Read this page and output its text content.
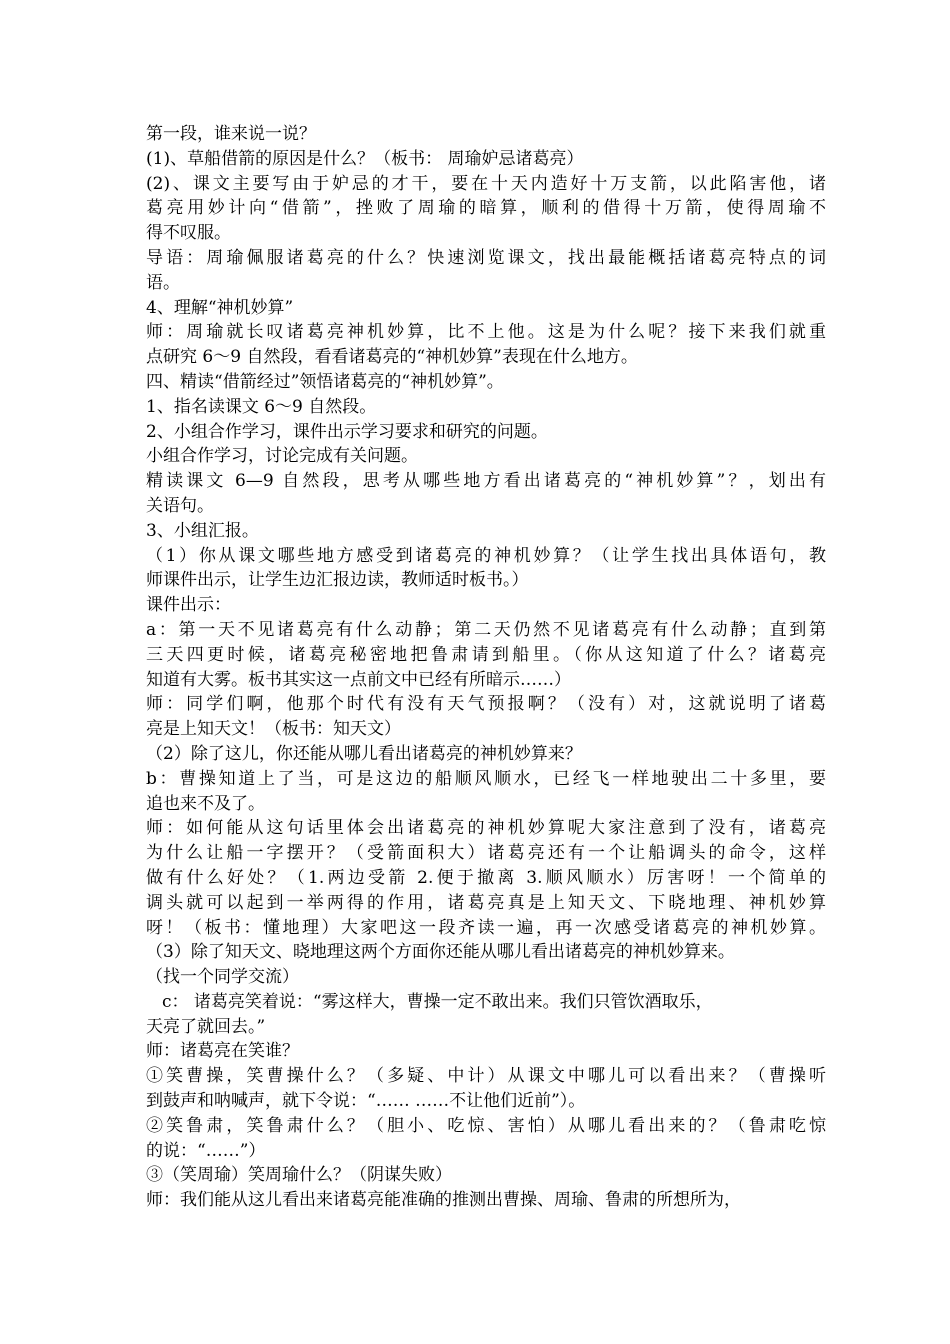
第一段，谁来说一说？
(1)、草船借箭的原因是什么？（板书： 周瑜妒忌诸葛亮）
(2)、课文主要写由于妒忌的才干，要在十天内造好十万支箭，以此陷害他，诸
葛亮用妙计向“借箭”，挫败了周瑜的暗算，顺利的借得十万箭，使得周瑜不
得不叹服。
导语：周瑜佩服诸葛亮的什么？快速浏览课文，找出最能概括诸葛亮特点的词
语。
4、理解“神机妙算”
师：周瑜就长叹诸葛亮神机妙算，比不上他。这是为什么呢？接下来我们就重
点研究 6～9 自然段，看看诸葛亮的“神机妙算”表现在什么地方。
四、精读“借箭经过”领悟诸葛亮的“神机妙算”。
1、指名读课文 6～9 自然段。
2、小组合作学习，课件出示学习要求和研究的问题。
小组合作学习，讨论完成有关问题。
精读课文 6—9 自然段，思考从哪些地方看出诸葛亮的“神机妙算”？，划出有
关语句。
3、小组汇报。
（1）你从课文哪些地方感受到诸葛亮的神机妙算？（让学生找出具体语句，教
师课件出示，让学生边汇报边读，教师适时板书。）
课件出示：
a：第一天不见诸葛亮有什么动静；第二天仍然不见诸葛亮有什么动静；直到第
三天四更时候，诸葛亮秘密地把鲁肃请到船里。（你从这知道了什么？诸葛亮
知道有大雾。板书其实这一点前文中已经有所暗示……）
师：同学们啊，他那个时代有没有天气预报啊？（没有）对，这就说明了诸葛
亮是上知天文！（板书：知天文）
（2）除了这儿，你还能从哪儿看出诸葛亮的神机妙算来？
b：曹操知道上了当，可是这边的船顺风顺水，已经飞一样地驶出二十多里，要
追也来不及了。
师：如何能从这句话里体会出诸葛亮的神机妙算呢大家注意到了没有，诸葛亮
为什么让船一字摆开？（受箭面积大）诸葛亮还有一个让船调头的命令，这样
做有什么好处？（1.两边受箭 2.便于撤离 3.顺风顺水）厉害呀！一个简单的
调头就可以起到一举两得的作用，诸葛亮真是上知天文、下晓地理、神机妙算
呀！（板书：懂地理）大家吧这一段齐读一遍，再一次感受诸葛亮的神机妙算。
（3）除了知天文、晓地理这两个方面你还能从哪儿看出诸葛亮的神机妙算来。
（找一个同学交流）
c： 诸葛亮笑着说：“雾这样大，曹操一定不敢出来。我们只管饮酒取乐，
天亮了就回去。”
师：诸葛亮在笑谁？
①笑曹操，笑曹操什么？（多疑、中计）从课文中哪儿可以看出来？（曹操听
到鼓声和呐喊声，就下令说：“…… ……不让他们近前”）。
②笑鲁肃，笑鲁肃什么？（胆小、吃惊、害怕）从哪儿看出来的？（鲁肃吃惊
的说：“……”）
③（笑周瑜）笑周瑜什么？（阴谋失败）
师：我们能从这儿看出来诸葛亮能准确的推测出曹操、周瑜、鲁肃的所想所为，
